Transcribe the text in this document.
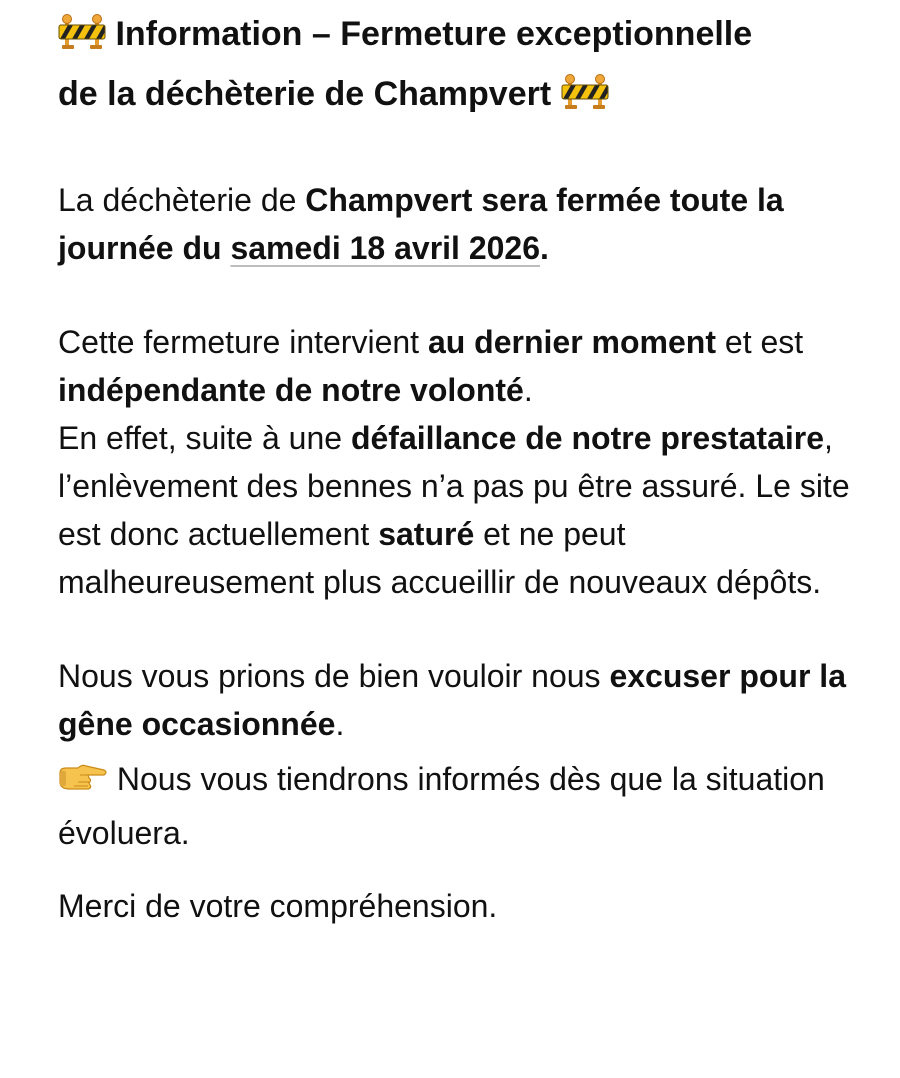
Information – Fermeture exceptionnelle
de la déchèterie de Champvert

La déchèterie de Champvert sera fermée toute la journée du samedi 18 avril 2026.

Cette fermeture intervient au dernier moment et est indépendante de notre volonté.

En effet, suite à une défaillance de notre prestataire, l’enlèvement des bennes n’a pas pu être assuré. Le site est donc actuellement saturé et ne peut malheureusement plus accueillir de nouveaux dépôts.

Nous vous prions de bien vouloir nous excuser pour la gêne occasionnée.

Nous vous tiendrons informés dès que la situation évoluera.

Merci de votre compréhension.
